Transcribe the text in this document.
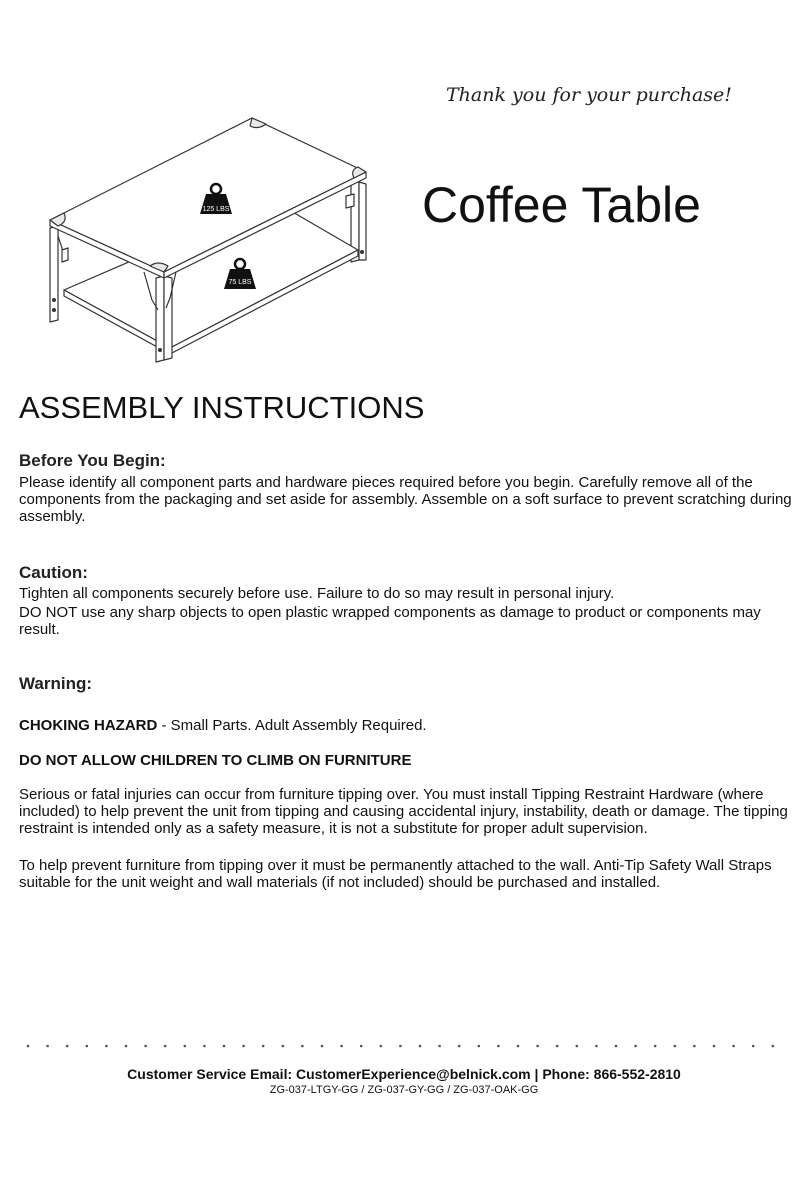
Thank you for your purchase!
Coffee Table
125 LBS
75 LBS
ASSEMBLY INSTRUCTIONS
Before You Begin:
Please identify all component parts and hardware pieces required before you begin. Carefully remove all of the components from the packaging and set aside for assembly. Assemble on a soft surface to prevent scratching during assembly.
Caution:
Tighten all components securely before use. Failure to do so may result in personal injury.
DO NOT use any sharp objects to open plastic wrapped components as damage to product or components may result.
Warning:
CHOKING HAZARD - Small Parts. Adult Assembly Required.
DO NOT ALLOW CHILDREN TO CLIMB ON FURNITURE
Serious or fatal injuries can occur from furniture tipping over. You must install Tipping Restraint Hardware (where included) to help prevent the unit from tipping and causing accidental injury, instability, death or damage. The tipping restraint is intended only as a safety measure, it is not a substitute for proper adult supervision.
To help prevent furniture from tipping over it must be permanently attached to the wall. Anti-Tip Safety Wall Straps suitable for the unit weight and wall materials (if not included) should be purchased and installed.
Customer Service Email: CustomerExperience@belnick.com | Phone: 866-552-2810
ZG-037-LTGY-GG / ZG-037-GY-GG / ZG-037-OAK-GG
